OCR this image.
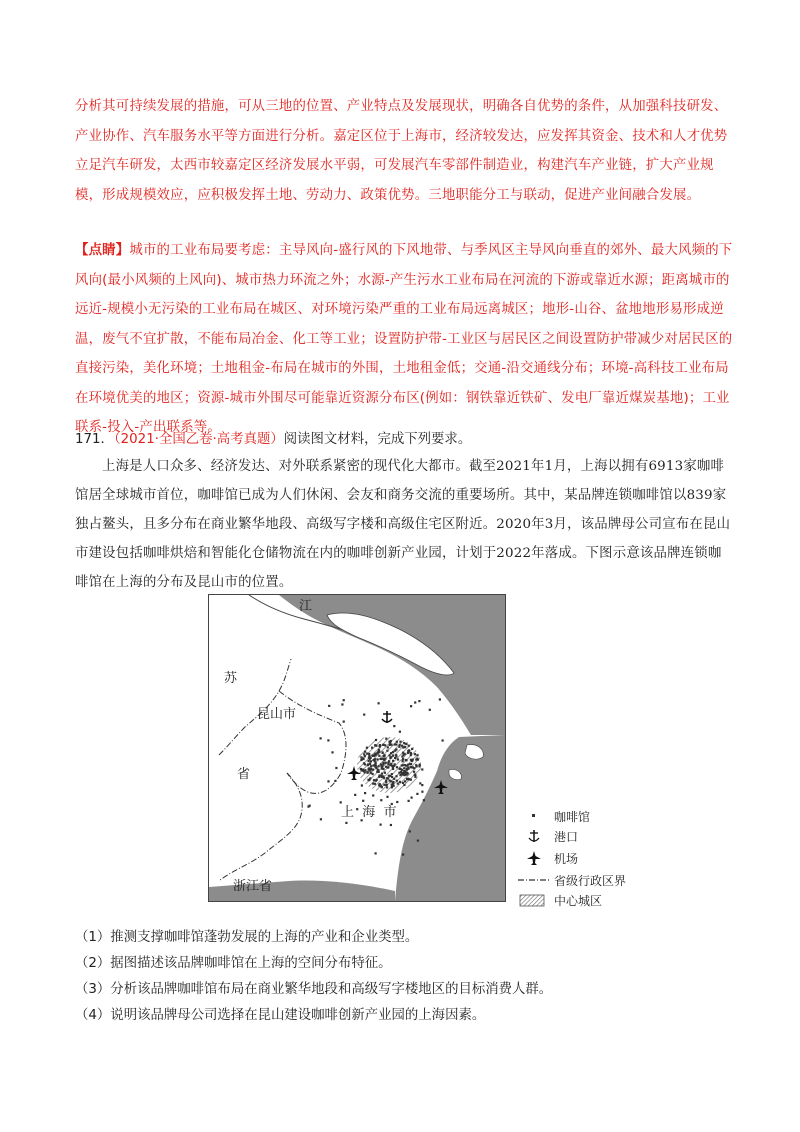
分析其可持续发展的措施，可从三地的位置、产业特点及发展现状，明确各自优势的条件，从加强科技研发、产业协作、汽车服务水平等方面进行分析。嘉定区位于上海市，经济较发达，应发挥其资金、技术和人才优势立足汽车研发，太西市较嘉定区经济发展水平弱，可发展汽车零部件制造业，构建汽车产业链，扩大产业规模，形成规模效应，应积极发挥土地、劳动力、政策优势。三地职能分工与联动，促进产业间融合发展。
【点睛】城市的工业布局要考虑：主导风向-盛行风的下风地带、与季风区主导风向垂直的郊外、最大风频的下风向(最小风频的上风向)、城市热力环流之外；水源-产生污水工业布局在河流的下游或靠近水源；距离城市的远近-规模小无污染的工业布局在城区、对环境污染严重的工业布局远离城区；地形-山谷、盆地地形易形成逆温，废气不宜扩散，不能布局冶金、化工等工业；设置防护带-工业区与居民区之间设置防护带减少对居民区的直接污染，美化环境；土地租金-布局在城市的外围，土地租金低；交通-沿交通线分布；环境-高科技工业布局在环境优美的地区；资源-城市外围尽可能靠近资源分布区(例如：钢铁靠近铁矿、发电厂靠近煤炭基地)；工业联系-投入-产出联系等。
171．（2021·全国乙卷·高考真题）阅读图文材料，完成下列要求。
上海是人口众多、经济发达、对外联系紧密的现代化大都市。截至2021年1月，上海以拥有6913家咖啡馆居全球城市首位，咖啡馆已成为人们休闲、会友和商务交流的重要场所。其中，某品牌连锁咖啡馆以839家独占鳌头，且多分布在商业繁华地段、高级写字楼和高级住宅区附近。2020年3月，该品牌母公司宣布在昆山市建设包括咖啡烘焙和智能化仓储物流在内的咖啡创新产业园，计划于2022年落成。下图示意该品牌连锁咖啡馆在上海的分布及昆山市的位置。
江
苏
昆山市
省
上  海  市
浙江省
咖啡馆
港口
机场
省级行政区界
中心城区
（1）推测支撑咖啡馆蓬勃发展的上海的产业和企业类型。
（2）据图描述该品牌咖啡馆在上海的空间分布特征。
（3）分析该品牌咖啡馆布局在商业繁华地段和高级写字楼地区的目标消费人群。
（4）说明该品牌母公司选择在昆山建设咖啡创新产业园的上海因素。
